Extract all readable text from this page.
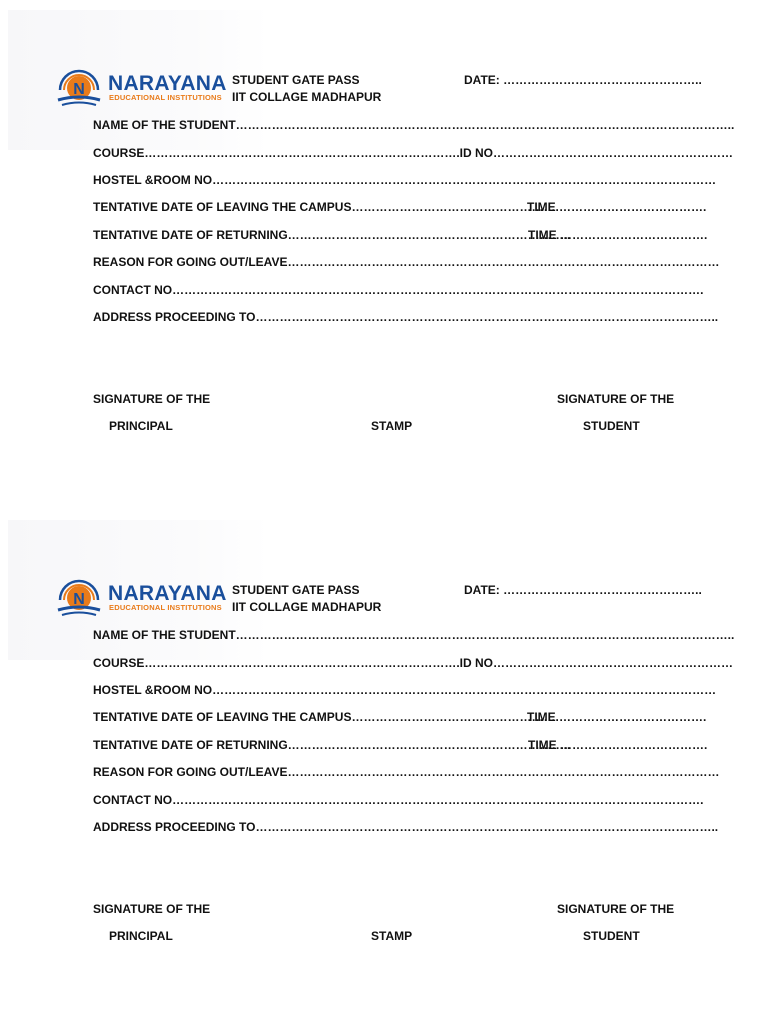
N NARAYANA
EDUCATIONAL INSTITUTIONS
STUDENT GATE PASS
IIT COLLAGE MADHAPUR
DATE: …………………………………………..
NAME OF THE STUDENT……………………………………………………………………………………………………………..
COURSE…………………………………………………………………….ID NO……………………………………………………
HOSTEL &ROOM NO………………………………………………………………………………………………………………
TENTATIVE DATE OF LEAVING THE CAMPUS…………………………………………….
TIME ……………………………….
TENTATIVE DATE OF RETURNING……………………………………………………………..
TIME ……………………………….
REASON FOR GOING OUT/LEAVE………………………………………………………………………………………………
CONTACT NO…………………………………………………………………………………………………………………….
ADDRESS PROCEEDING TO……………………………………………………………………………………………………..
SIGNATURE OF THE
PRINCIPAL	STAMP
SIGNATURE OF THE
STUDENT
N NARAYANA
EDUCATIONAL INSTITUTIONS
STUDENT GATE PASS
IIT COLLAGE MADHAPUR
DATE: …………………………………………..
NAME OF THE STUDENT……………………………………………………………………………………………………………..
COURSE…………………………………………………………………….ID NO……………………………………………………
HOSTEL &ROOM NO………………………………………………………………………………………………………………
TENTATIVE DATE OF LEAVING THE CAMPUS…………………………………………….
TIME ……………………………….
TENTATIVE DATE OF RETURNING……………………………………………………………..
TIME ……………………………….
REASON FOR GOING OUT/LEAVE………………………………………………………………………………………………
CONTACT NO…………………………………………………………………………………………………………………….
ADDRESS PROCEEDING TO……………………………………………………………………………………………………..
SIGNATURE OF THE
PRINCIPAL	STAMP
SIGNATURE OF THE
STUDENT
